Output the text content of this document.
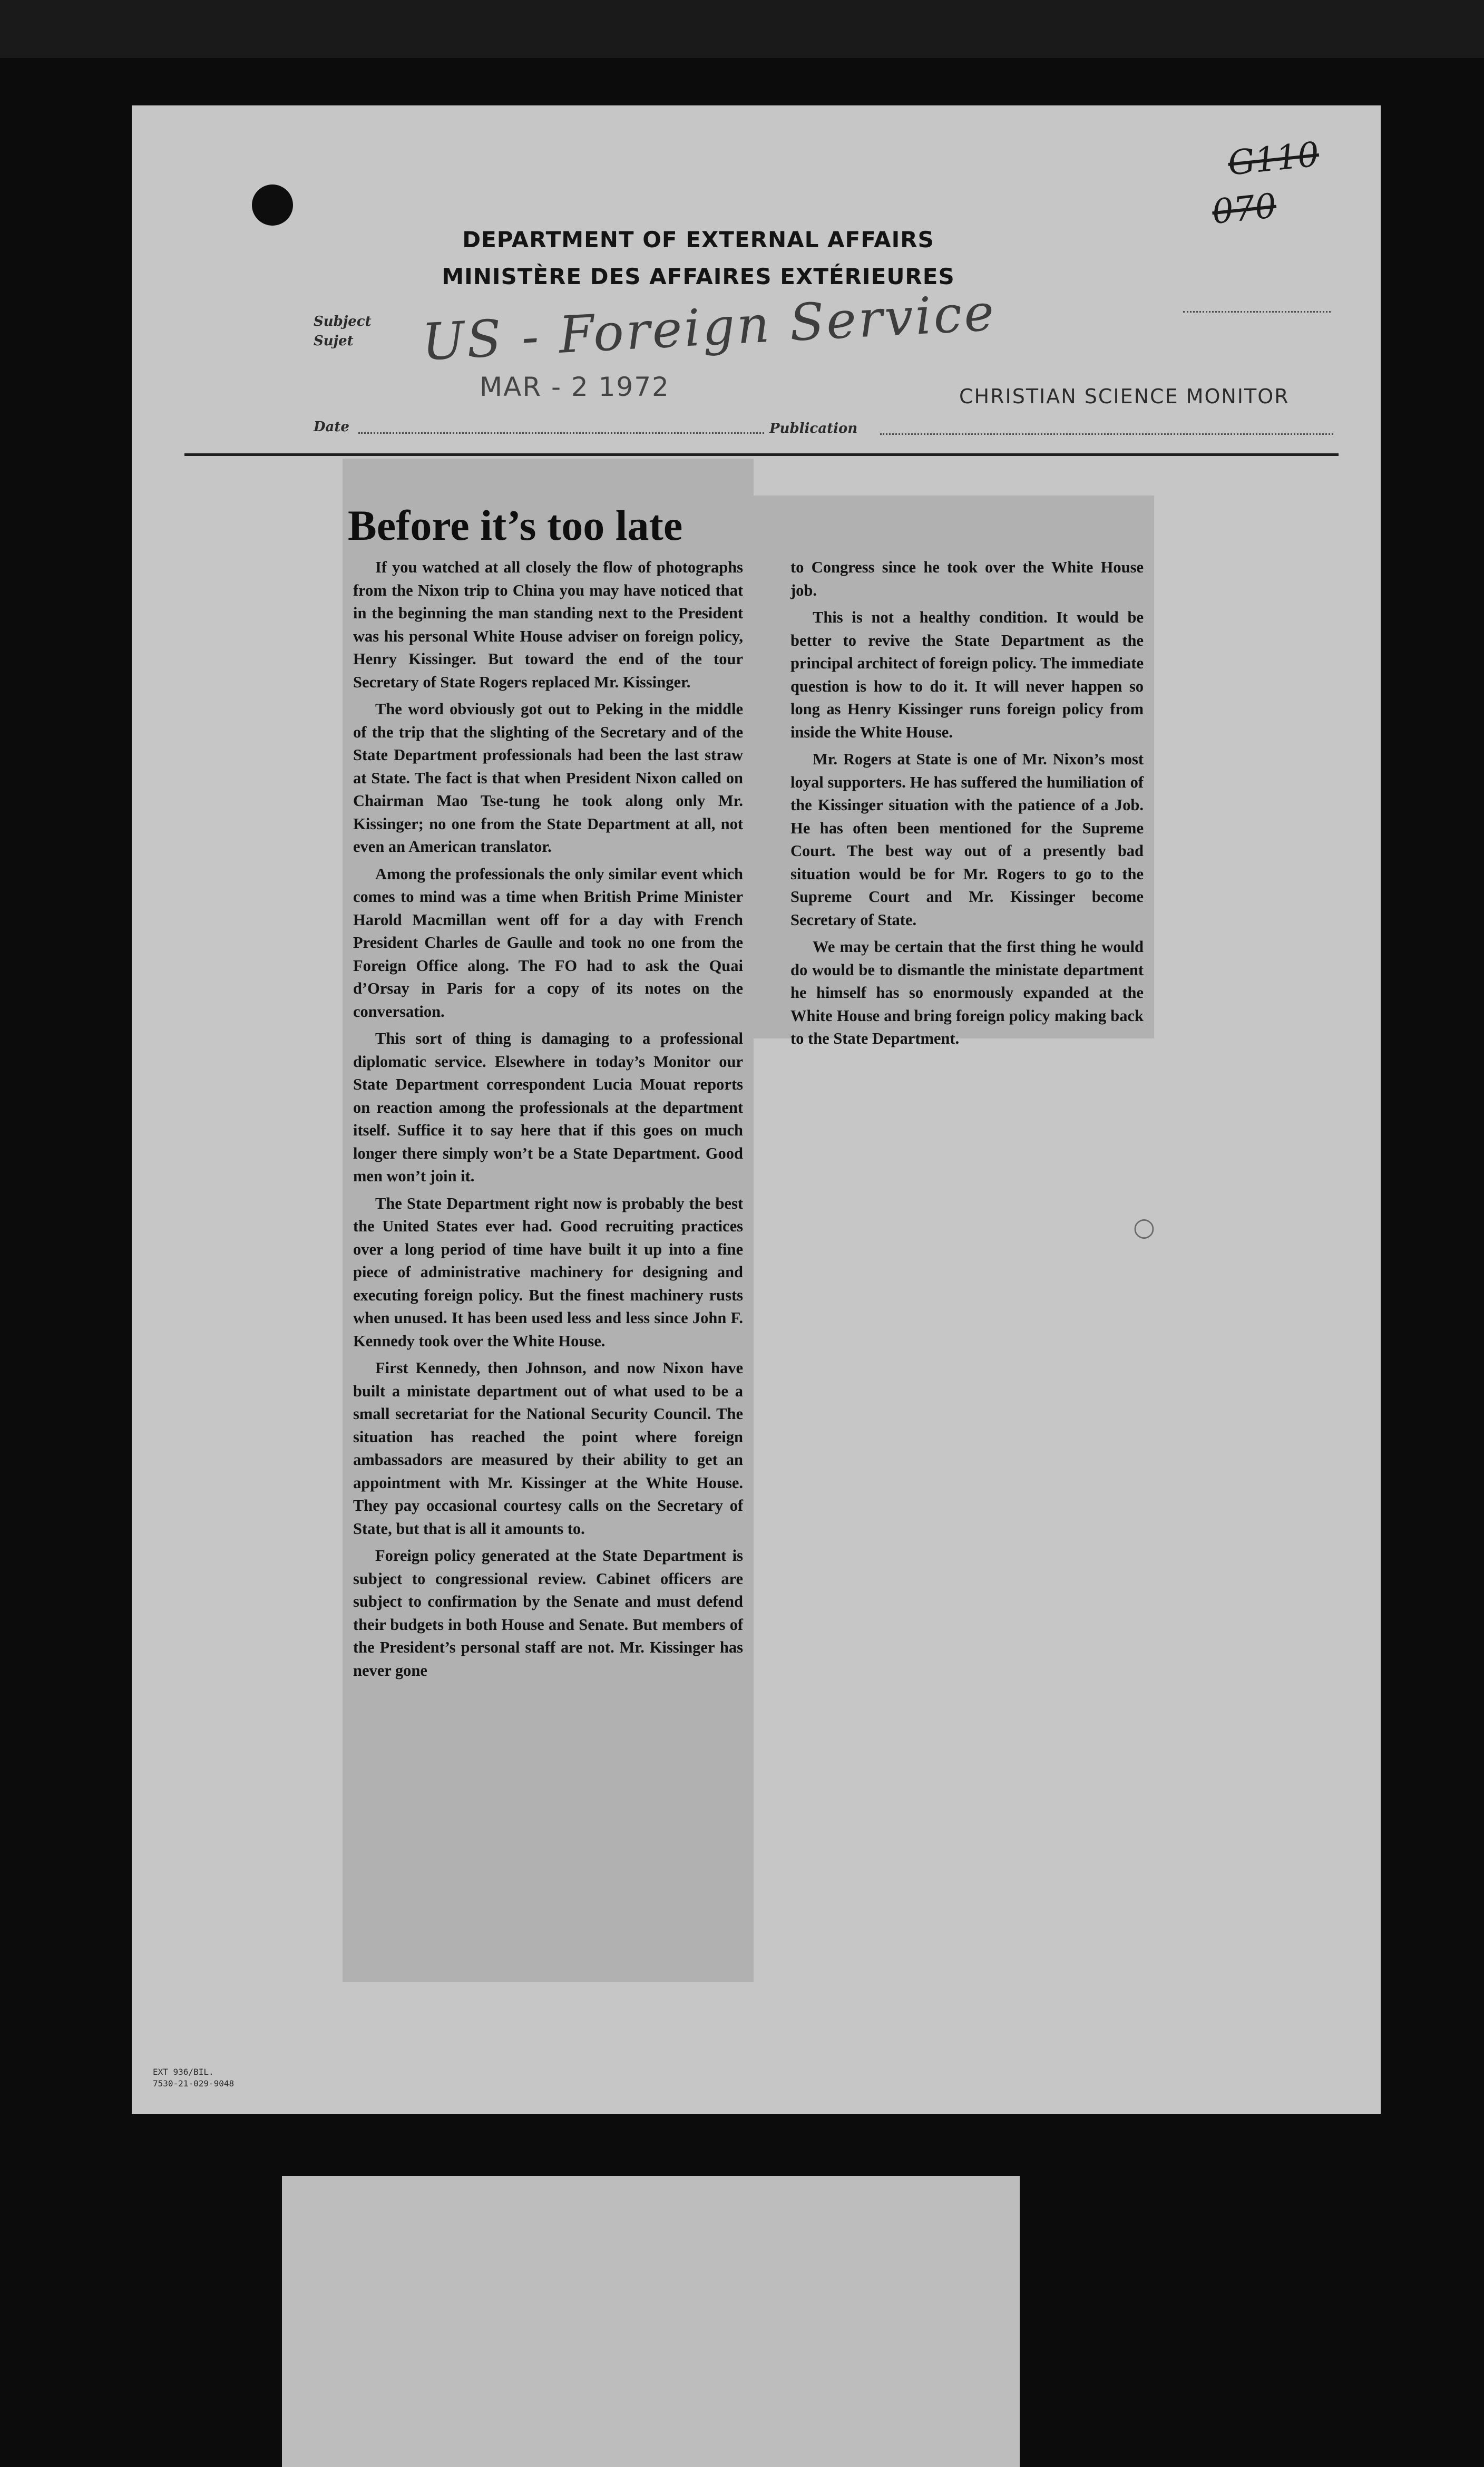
G110
070
DEPARTMENT OF EXTERNAL AFFAIRS
MINISTÈRE DES AFFAIRES EXTÉRIEURES
Subject
Sujet US - Foreign Service
MAR - 2 1972
Date	Publication
CHRISTIAN SCIENCE MONITOR
Before it’s too late

If you watched at all closely the flow of photographs from the Nixon trip to China you may have noticed that in the beginning the man standing next to the President was his personal White House adviser on foreign policy, Henry Kissinger. But toward the end of the tour Secretary of State Rogers replaced Mr. Kissinger.

The word obviously got out to Peking in the middle of the trip that the slighting of the Secretary and of the State Department professionals had been the last straw at State. The fact is that when President Nixon called on Chairman Mao Tse-tung he took along only Mr. Kissinger; no one from the State Department at all, not even an American translator.

Among the professionals the only similar event which comes to mind was a time when British Prime Minister Harold Macmillan went off for a day with French President Charles de Gaulle and took no one from the Foreign Office along. The FO had to ask the Quai d’Orsay in Paris for a copy of its notes on the conversation.

This sort of thing is damaging to a professional diplomatic service. Elsewhere in today’s Monitor our State Department correspondent Lucia Mouat reports on reaction among the professionals at the department itself. Suffice it to say here that if this goes on much longer there simply won’t be a State Department. Good men won’t join it.

The State Department right now is probably the best the United States ever had. Good recruiting practices over a long period of time have built it up into a fine piece of administrative machinery for designing and executing foreign policy. But the finest machinery rusts when unused. It has been used less and less since John F. Kennedy took over the White House.

First Kennedy, then Johnson, and now Nixon have built a ministate department out of what used to be a small secretariat for the National Security Council. The situation has reached the point where foreign ambassadors are measured by their ability to get an appointment with Mr. Kissinger at the White House. They pay occasional courtesy calls on the Secretary of State, but that is all it amounts to.

Foreign policy generated at the State Department is subject to congressional review. Cabinet officers are subject to confirmation by the Senate and must defend their budgets in both House and Senate. But members of the President’s personal staff are not. Mr. Kissinger has never gone

to Congress since he took over the White House job.

This is not a healthy condition. It would be better to revive the State Department as the principal architect of foreign policy. The immediate question is how to do it. It will never happen so long as Henry Kissinger runs foreign policy from inside the White House.

Mr. Rogers at State is one of Mr. Nixon’s most loyal supporters. He has suffered the humiliation of the Kissinger situation with the patience of a Job. He has often been mentioned for the Supreme Court. The best way out of a presently bad situation would be for Mr. Rogers to go to the Supreme Court and Mr. Kissinger become Secretary of State.

We may be certain that the first thing he would do would be to dismantle the ministate department he himself has so enormously expanded at the White House and bring foreign policy making back to the State Department.

○
EXT 936/BIL.
7530-21-029-9048
